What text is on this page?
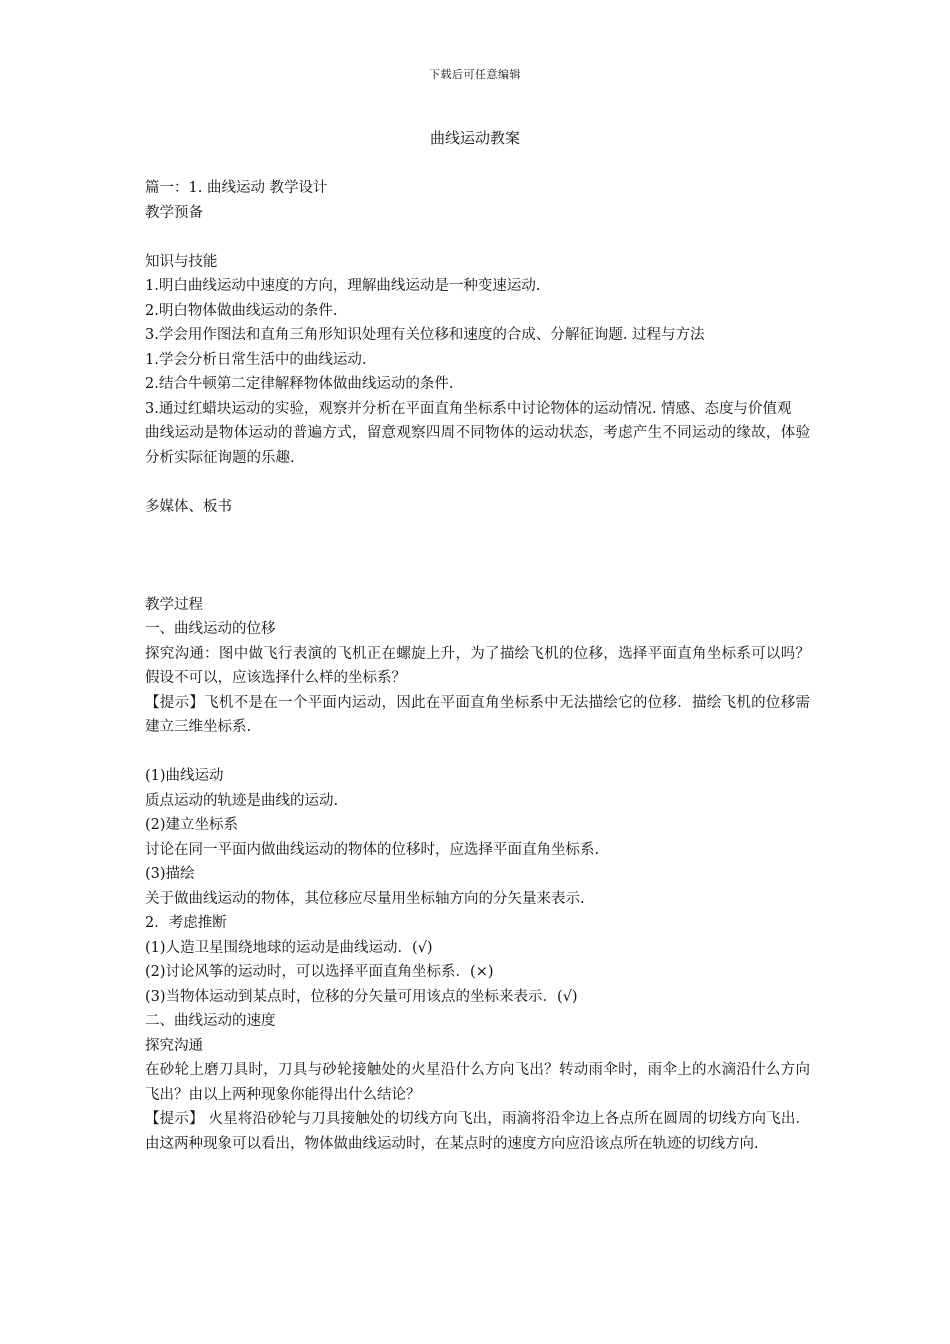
下载后可任意编辑
曲线运动教案
篇一：1. 曲线运动 教学设计
教学预备
知识与技能
1.明白曲线运动中速度的方向，理解曲线运动是一种变速运动.
2.明白物体做曲线运动的条件.
3.学会用作图法和直角三角形知识处理有关位移和速度的合成、分解征询题. 过程与方法
1.学会分析日常生活中的曲线运动.
2.结合牛顿第二定律解释物体做曲线运动的条件.
3.通过红蜡块运动的实验，观察并分析在平面直角坐标系中讨论物体的运动情况. 情感、态度与价值观
曲线运动是物体运动的普遍方式，留意观察四周不同物体的运动状态，考虑产生不同运动的缘故，体验分析实际征询题的乐趣.
多媒体、板书
教学过程
一、曲线运动的位移
探究沟通：图中做飞行表演的飞机正在螺旋上升，为了描绘飞机的位移，选择平面直角坐标系可以吗？假设不可以，应该选择什么样的坐标系？
【提示】飞机不是在一个平面内运动，因此在平面直角坐标系中无法描绘它的位移．描绘飞机的位移需建立三维坐标系.
(1)曲线运动
质点运动的轨迹是曲线的运动.
(2)建立坐标系
讨论在同一平面内做曲线运动的物体的位移时，应选择平面直角坐标系.
(3)描绘
关于做曲线运动的物体，其位移应尽量用坐标轴方向的分矢量来表示.
2．考虑推断
(1)人造卫星围绕地球的运动是曲线运动．(√)
(2)讨论风筝的运动时，可以选择平面直角坐标系．(×)
(3)当物体运动到某点时，位移的分矢量可用该点的坐标来表示．(√)
二、曲线运动的速度
探究沟通
在砂轮上磨刀具时，刀具与砂轮接触处的火星沿什么方向飞出？转动雨伞时，雨伞上的水滴沿什么方向飞出？由以上两种现象你能得出什么结论？
【提示】 火星将沿砂轮与刀具接触处的切线方向飞出，雨滴将沿伞边上各点所在圆周的切线方向飞出．由这两种现象可以看出，物体做曲线运动时，在某点时的速度方向应沿该点所在轨迹的切线方向.
